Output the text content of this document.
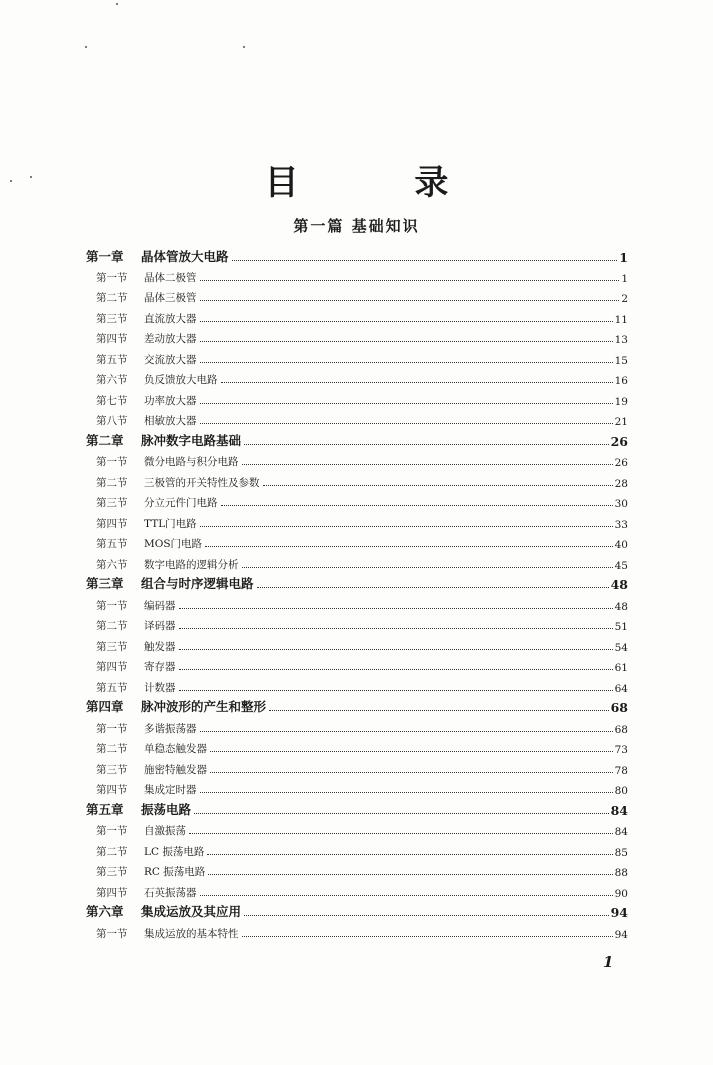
目 录
第一篇 基础知识
第一章	晶体管放大电路	1
第一节	晶体二极管	1
第二节	晶体三极管	2
第三节	直流放大器	11
第四节	差动放大器	13
第五节	交流放大器	15
第六节	负反馈放大电路	16
第七节	功率放大器	19
第八节	相敏放大器	21
第二章	脉冲数字电路基础	26
第一节	微分电路与积分电路	26
第二节	三极管的开关特性及参数	28
第三节	分立元件门电路	30
第四节	TTL门电路	33
第五节	MOS门电路	40
第六节	数字电路的逻辑分析	45
第三章	组合与时序逻辑电路	48
第一节	编码器	48
第二节	译码器	51
第三节	触发器	54
第四节	寄存器	61
第五节	计数器	64
第四章	脉冲波形的产生和整形	68
第一节	多谐振荡器	68
第二节	单稳态触发器	73
第三节	施密特触发器	78
第四节	集成定时器	80
第五章	振荡电路	84
第一节	自激振荡	84
第二节	LC 振荡电路	85
第三节	RC 振荡电路	88
第四节	石英振荡器	90
第六章	集成运放及其应用	94
第一节	集成运放的基本特性	94
1
